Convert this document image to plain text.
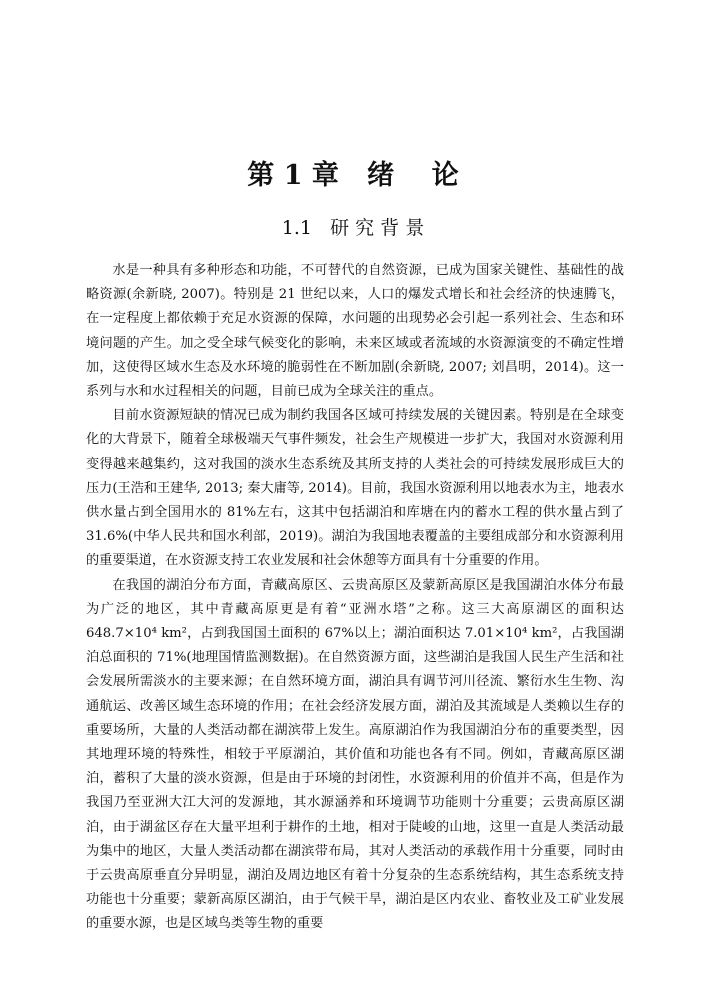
第 1 章   绪    论
1.1   研 究 背 景

水是一种具有多种形态和功能，不可替代的自然资源，已成为国家关键性、基础性的战略资源(余新晓, 2007)。特别是 21 世纪以来，人口的爆发式增长和社会经济的快速腾飞，在一定程度上都依赖于充足水资源的保障，水问题的出现势必会引起一系列社会、生态和环境问题的产生。加之受全球气候变化的影响，未来区域或者流域的水资源演变的不确定性增加，这使得区域水生态及水环境的脆弱性在不断加剧(余新晓, 2007; 刘昌明，2014)。这一系列与水和水过程相关的问题，目前已成为全球关注的重点。

目前水资源短缺的情况已成为制约我国各区域可持续发展的关键因素。特别是在全球变化的大背景下，随着全球极端天气事件频发，社会生产规模进一步扩大，我国对水资源利用变得越来越集约，这对我国的淡水生态系统及其所支持的人类社会的可持续发展形成巨大的压力(王浩和王建华, 2013; 秦大庸等, 2014)。目前，我国水资源利用以地表水为主，地表水供水量占到全国用水的 81%左右，这其中包括湖泊和库塘在内的蓄水工程的供水量占到了 31.6%(中华人民共和国水利部，2019)。湖泊为我国地表覆盖的主要组成部分和水资源利用的重要渠道，在水资源支持工农业发展和社会休憩等方面具有十分重要的作用。

在我国的湖泊分布方面，青藏高原区、云贵高原区及蒙新高原区是我国湖泊水体分布最为广泛的地区，其中青藏高原更是有着“亚洲水塔”之称。这三大高原湖区的面积达 648.7×10⁴ km²，占到我国国土面积的 67%以上；湖泊面积达 7.01×10⁴ km²，占我国湖泊总面积的 71%(地理国情监测数据)。在自然资源方面，这些湖泊是我国人民生产生活和社会发展所需淡水的主要来源；在自然环境方面，湖泊具有调节河川径流、繁衍水生生物、沟通航运、改善区域生态环境的作用；在社会经济发展方面，湖泊及其流域是人类赖以生存的重要场所，大量的人类活动都在湖滨带上发生。高原湖泊作为我国湖泊分布的重要类型，因其地理环境的特殊性，相较于平原湖泊，其价值和功能也各有不同。例如，青藏高原区湖泊，蓄积了大量的淡水资源，但是由于环境的封闭性，水资源利用的价值并不高，但是作为我国乃至亚洲大江大河的发源地，其水源涵养和环境调节功能则十分重要；云贵高原区湖泊，由于湖盆区存在大量平坦利于耕作的土地，相对于陡峻的山地，这里一直是人类活动最为集中的地区，大量人类活动都在湖滨带布局，其对人类活动的承载作用十分重要，同时由于云贵高原垂直分异明显，湖泊及周边地区有着十分复杂的生态系统结构，其生态系统支持功能也十分重要；蒙新高原区湖泊，由于气候干旱，湖泊是区内农业、畜牧业及工矿业发展的重要水源，也是区域鸟类等生物的重要
